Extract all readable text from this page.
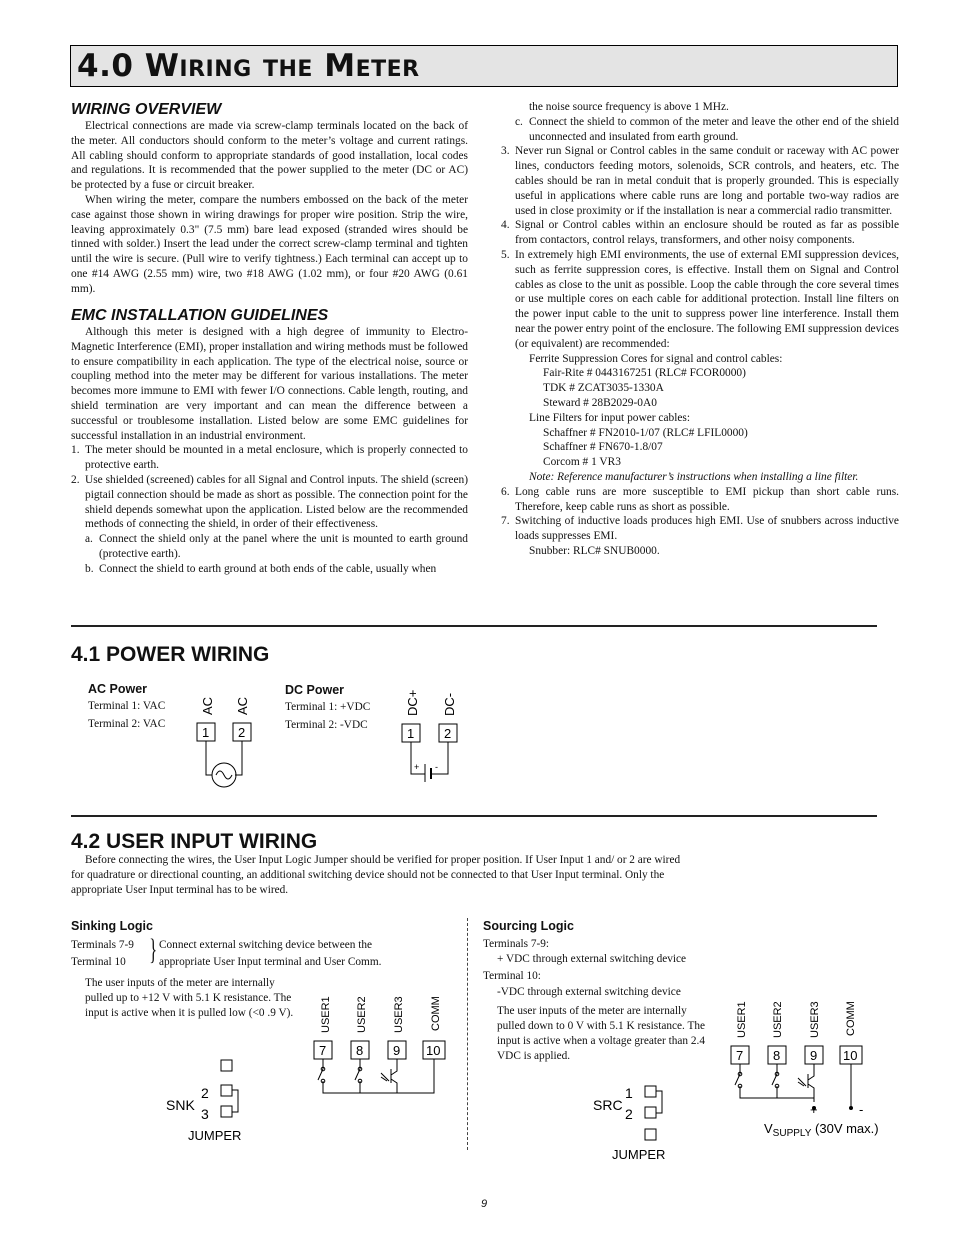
4.0 Wiring the Meter
WIRING OVERVIEW

Electrical connections are made via screw-clamp terminals located on the back of the meter. All conductors should conform to the meter’s voltage and current ratings. All cabling should conform to appropriate standards of good installation, local codes and regulations. It is recommended that the power supplied to the meter (DC or AC) be protected by a fuse or circuit breaker.

When wiring the meter, compare the numbers embossed on the back of the meter case against those shown in wiring drawings for proper wire position. Strip the wire, leaving approximately 0.3" (7.5 mm) bare lead exposed (stranded wires should be tinned with solder.) Insert the lead under the correct screw-clamp terminal and tighten until the wire is secure. (Pull wire to verify tightness.) Each terminal can accept up to one #14 AWG (2.55 mm) wire, two #18 AWG (1.02 mm), or four #20 AWG (0.61 mm).

EMC INSTALLATION GUIDELINES

Although this meter is designed with a high degree of immunity to Electro-Magnetic Interference (EMI), proper installation and wiring methods must be followed to ensure compatibility in each application. The type of the electrical noise, source or coupling method into the meter may be different for various installations. The meter becomes more immune to EMI with fewer I/O connections. Cable length, routing, and shield termination are very important and can mean the difference between a successful or troublesome installation. Listed below are some EMC guidelines for successful installation in an industrial environment.

1. The meter should be mounted in a metal enclosure, which is properly connected to protective earth.
2. Use shielded (screened) cables for all Signal and Control inputs. The shield (screen) pigtail connection should be made as short as possible. The connection point for the shield depends somewhat upon the application. Listed below are the recommended methods of connecting the shield, in order of their effectiveness.
a. Connect the shield only at the panel where the unit is mounted to earth ground (protective earth).
b. Connect the shield to earth ground at both ends of the cable, usually when
the noise source frequency is above 1 MHz.
c. Connect the shield to common of the meter and leave the other end of the shield unconnected and insulated from earth ground.
3. Never run Signal or Control cables in the same conduit or raceway with AC power lines, conductors feeding motors, solenoids, SCR controls, and heaters, etc. The cables should be ran in metal conduit that is properly grounded. This is especially useful in applications where cable runs are long and portable two-way radios are used in close proximity or if the installation is near a commercial radio transmitter.
4. Signal or Control cables within an enclosure should be routed as far as possible from contactors, control relays, transformers, and other noisy components.
5. In extremely high EMI environments, the use of external EMI suppression devices, such as ferrite suppression cores, is effective. Install them on Signal and Control cables as close to the unit as possible. Loop the cable through the core several times or use multiple cores on each cable for additional protection. Install line filters on the power input cable to the unit to suppress power line interference. Install them near the power entry point of the enclosure. The following EMI suppression devices (or equivalent) are recommended:
Ferrite Suppression Cores for signal and control cables:
Fair-Rite # 0443167251 (RLC# FCOR0000)
TDK # ZCAT3035-1330A
Steward # 28B2029-0A0
Line Filters for input power cables:
Schaffner # FN2010-1/07 (RLC# LFIL0000)
Schaffner # FN670-1.8/07
Corcom # 1 VR3
Note: Reference manufacturer’s instructions when installing a line filter.
6. Long cable runs are more susceptible to EMI pickup than short cable runs. Therefore, keep cable runs as short as possible.
7. Switching of inductive loads produces high EMI. Use of snubbers across inductive loads suppresses EMI.
Snubber: RLC# SNUB0000.
4.1 POWER WIRING
AC Power
Terminal 1: VAC
Terminal 2: VAC
DC Power
Terminal 1: +VDC
Terminal 2: -VDC
AC AC
1 2
DC+ DC-
1 2
+ -
4.2 USER INPUT WIRING
Before connecting the wires, the User Input Logic Jumper should be verified for proper position. If User Input 1 and/ or 2 are wired for quadrature or directional counting, an additional switching device should not be connected to that User Input terminal. Only the appropriate User Input terminal has to be wired.
Sinking Logic
Terminals 7-9
Terminal 10 } Connect external switching device between the
appropriate User Input terminal and User Comm.
The user inputs of the meter are internally pulled up to +12 V with 5.1 K resistance. The input is active when it is pulled low (<0 .9 V).
SNK
2
3
JUMPER
USER1 USER2 USER3 COMM
7 8 9 10
Sourcing Logic
Terminals 7-9:
+ VDC through external switching device
Terminal 10:
-VDC through external switching device
The user inputs of the meter are internally pulled down to 0 V with 5.1 K resistance. The input is active when a voltage greater than 2.4 VDC is applied.
SRC
1
2
JUMPER
USER1 USER2 USER3 COMM
7 8 9 10
+	-
$V_{SUPPLY}$ (30V max.)
9
